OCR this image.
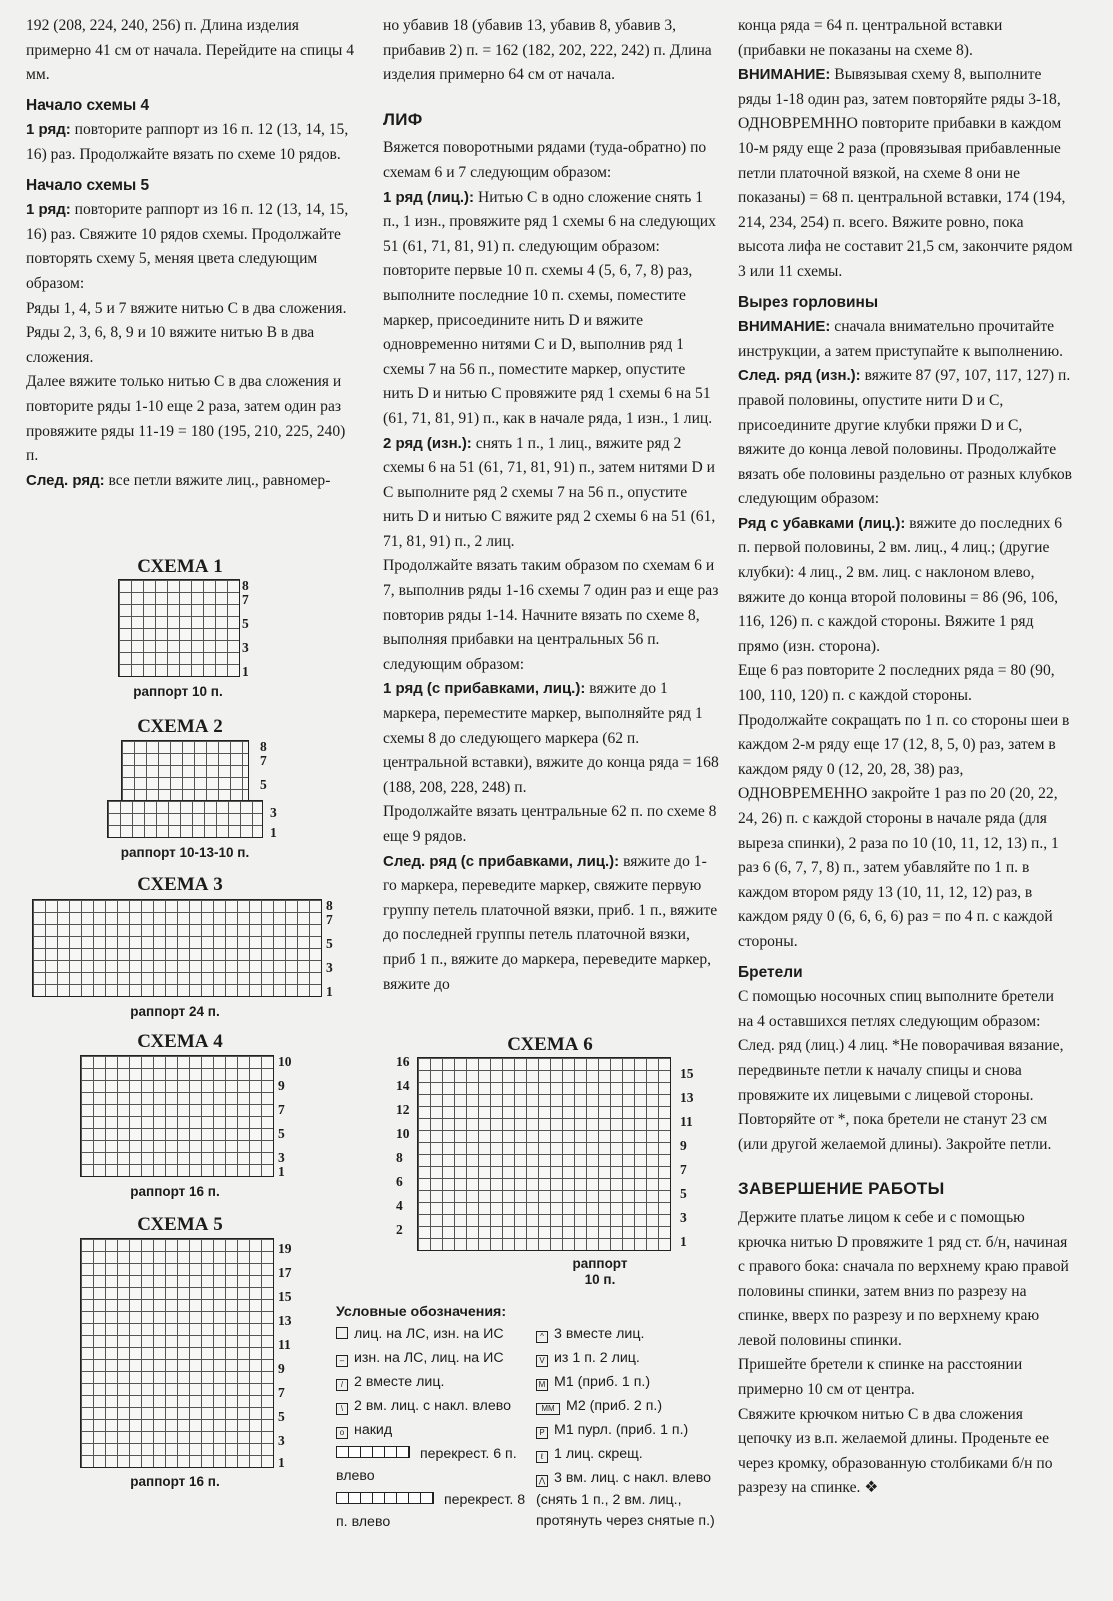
192 (208, 224, 240, 256) п. Длина изделия примерно 41 см от начала. Перейдите на спицы 4 мм.

Начало схемы 4

1 ряд: повторите раппорт из 16 п. 12 (13, 14, 15, 16) раз. Продолжайте вязать по схеме 10 рядов.

Начало схемы 5

1 ряд: повторите раппорт из 16 п. 12 (13, 14, 15, 16) раз. Свяжите 10 рядов схемы. Продолжайте повторять схему 5, меняя цвета следующим образом:

Ряды 1, 4, 5 и 7 вяжите нитью С в два сложения.

Ряды 2, 3, 6, 8, 9 и 10 вяжите нитью В в два сложения.

Далее вяжите только нитью С в два сложения и повторите ряды 1-10 еще 2 раза, затем один раз провяжите ряды 11-19 = 180 (195, 210, 225, 240) п.

След. ряд: все петли вяжите лиц., равномер-

но убавив 18 (убавив 13, убавив 8, убавив 3, прибавив 2) п. = 162 (182, 202, 222, 242) п. Длина изделия примерно 64 см от начала.

ЛИФ

Вяжется поворотными рядами (туда-обратно) по схемам 6 и 7 следующим образом:

1 ряд (лиц.): Нитью С в одно сложение снять 1 п., 1 изн., провяжите ряд 1 схемы 6 на следующих 51 (61, 71, 81, 91) п. следующим образом: повторите первые 10 п. схемы 4 (5, 6, 7, 8) раз, выполните последние 10 п. схемы, поместите маркер, присоедините нить D и вяжите одновременно нитями С и D, выполнив ряд 1 схемы 7 на 56 п., поместите маркер, опустите нить D и нитью С провяжите ряд 1 схемы 6 на 51 (61, 71, 81, 91) п., как в начале ряда, 1 изн., 1 лиц.

2 ряд (изн.): снять 1 п., 1 лиц., вяжите ряд 2 схемы 6 на 51 (61, 71, 81, 91) п., затем нитями D и С выполните ряд 2 схемы 7 на 56 п., опустите нить D и нитью С вяжите ряд 2 схемы 6 на 51 (61, 71, 81, 91) п., 2 лиц.

Продолжайте вязать таким образом по схемам 6 и 7, выполнив ряды 1-16 схемы 7 один раз и еще раз повторив ряды 1-14. Начните вязать по схеме 8, выполняя прибавки на центральных 56 п. следующим образом:

1 ряд (с прибавками, лиц.): вяжите до 1 маркера, переместите маркер, выполняйте ряд 1 схемы 8 до следующего маркера (62 п. центральной вставки), вяжите до конца ряда = 168 (188, 208, 228, 248) п.

Продолжайте вязать центральные 62 п. по схеме 8 еще 9 рядов.

След. ряд (с прибавками, лиц.): вяжите до 1-го маркера, переведите маркер, свяжите первую группу петель платочной вязки, приб. 1 п., вяжите до последней группы петель платочной вязки, приб 1 п., вяжите до маркера, переведите маркер, вяжите до

конца ряда = 64 п. центральной вставки (прибавки не показаны на схеме 8).

ВНИМАНИЕ: Вывязывая схему 8, выполните ряды 1-18 один раз, затем повторяйте ряды 3-18, ОДНОВРЕМННО повторите прибавки в каждом 10-м ряду еще 2 раза (провязывая прибавленные петли платочной вязкой, на схеме 8 они не показаны) = 68 п. центральной вставки, 174 (194, 214, 234, 254) п. всего. Вяжите ровно, пока высота лифа не составит 21,5 см, закончите рядом 3 или 11 схемы.

Вырез горловины

ВНИМАНИЕ: сначала внимательно прочитайте инструкции, а затем приступайте к выполнению.

След. ряд (изн.): вяжите 87 (97, 107, 117, 127) п. правой половины, опустите нити D и С, присоедините другие клубки пряжи D и С, вяжите до конца левой половины. Продолжайте вязать обе половины раздельно от разных клубков следующим образом:

Ряд с убавками (лиц.): вяжите до последних 6 п. первой половины, 2 вм. лиц., 4 лиц.; (другие клубки): 4 лиц., 2 вм. лиц. с наклоном влево, вяжите до конца второй половины = 86 (96, 106, 116, 126) п. с каждой стороны. Вяжите 1 ряд прямо (изн. сторона).

Еще 6 раз повторите 2 последних ряда = 80 (90, 100, 110, 120) п. с каждой стороны.

Продолжайте сокращать по 1 п. со стороны шеи в каждом 2-м ряду еще 17 (12, 8, 5, 0) раз, затем в каждом ряду 0 (12, 20, 28, 38) раз, ОДНОВРЕМЕННО закройте 1 раз по 20 (20, 22, 24, 26) п. с каждой стороны в начале ряда (для выреза спинки), 2 раза по 10 (10, 11, 12, 13) п., 1 раз 6 (6, 7, 7, 8) п., затем убавляйте по 1 п. в каждом втором ряду 13 (10, 11, 12, 12) раз, в каждом ряду 0 (6, 6, 6, 6) раз = по 4 п. с каждой стороны.

Бретели

С помощью носочных спиц выполните бретели на 4 оставшихся петлях следующим образом: След. ряд (лиц.) 4 лиц. *Не поворачивая вязание, передвиньте петли к началу спицы и снова провяжите их лицевыми с лицевой стороны. Повторяйте от *, пока бретели не станут 23 см (или другой желаемой длины). Закройте петли.

ЗАВЕРШЕНИЕ РАБОТЫ

Держите платье лицом к себе и с помощью крючка нитью D провяжите 1 ряд ст. б/н, начиная с правого бока: сначала по верхнему краю правой половины спинки, затем вниз по разрезу на спинке, вверх по разрезу и по верхнему краю левой половины спинки.

Пришейте бретели к спинке на расстоянии примерно 10 см от центра.

Свяжите крючком нитью С в два сложения цепочку из в.п. желаемой длины. Проденьте ее через кромку, образованную столбиками б/н по разрезу на спинке. ❖

СХЕМА 1
8
7
5
3
1
раппорт 10 п.
СХЕМА 2
8
7
5
3
1
раппорт 10-13-10 п.
СХЕМА 3
8
7
5
3
1
раппорт 24 п.
СХЕМА 4
10
9
7
5
3
1
раппорт 16 п.
СХЕМА 5
19
17
15
13
11
9
7
5
3
1
раппорт 16 п.
СХЕМА 6
16
14
12
10
8
6
4
2
15
13
11
9
7
5
3
1
раппорт
10 п.
Условные обозначения:
лиц. на ЛС, изн. на ИС
– изн. на ЛС, лиц. на ИС
/ 2 вместе лиц.
\ 2 вм. лиц. с накл. влево
o накид
^ 3 вместе лиц.
V из 1 п. 2 лиц.
M M1 (приб. 1 п.)
MM M2 (приб. 2 п.)
P M1 пурл. (приб. 1 п.)
ℓ 1 лиц. скрещ.
⋀ 3 вм. лиц. с накл. влево (снять 1 п., 2 вм. лиц., протянуть через снятые п.)
перекрест. 6 п. влево
перекрест. 8 п. влево
